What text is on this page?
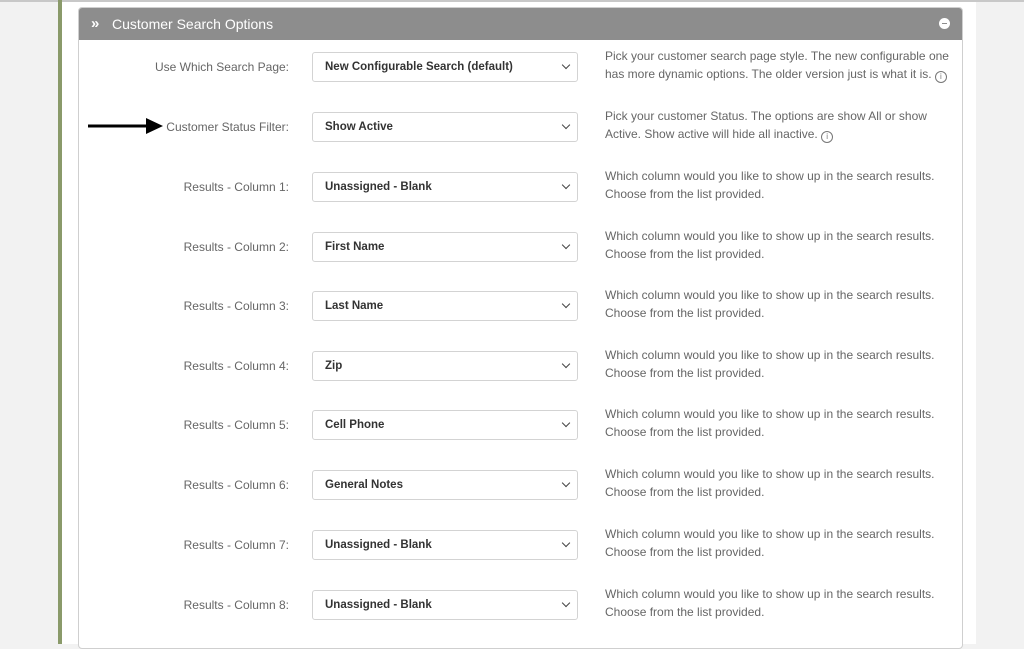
» Customer Search Options
Use Which Search Page:	New Configurable Search (default)
Pick your customer search page style. The new configurable one has more dynamic options. The older version just is what it is. i
Customer Status Filter:	Show Active
Pick your customer Status. The options are show All or show Active. Show active will hide all inactive. i
Results - Column 1:	Unassigned - Blank
Which column would you like to show up in the search results. Choose from the list provided.
Results - Column 2:	First Name
Which column would you like to show up in the search results. Choose from the list provided.
Results - Column 3:	Last Name
Which column would you like to show up in the search results. Choose from the list provided.
Results - Column 4:	Zip
Which column would you like to show up in the search results. Choose from the list provided.
Results - Column 5:	Cell Phone
Which column would you like to show up in the search results. Choose from the list provided.
Results - Column 6:	General Notes
Which column would you like to show up in the search results. Choose from the list provided.
Results - Column 7:	Unassigned - Blank
Which column would you like to show up in the search results. Choose from the list provided.
Results - Column 8:	Unassigned - Blank
Which column would you like to show up in the search results. Choose from the list provided.
